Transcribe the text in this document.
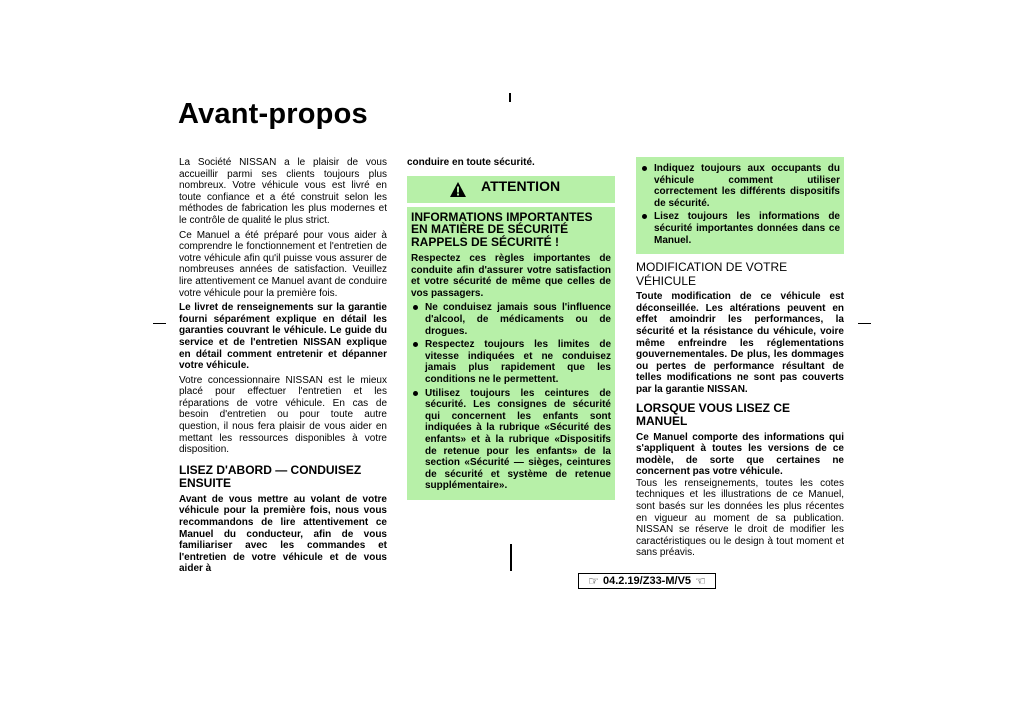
Avant-propos

La Société NISSAN a le plaisir de vous accueillir parmi ses clients toujours plus nombreux. Votre véhicule vous est livré en toute confiance et a été construit selon les méthodes de fabrication les plus modernes et le contrôle de qualité le plus strict.

Ce Manuel a été préparé pour vous aider à comprendre le fonctionnement et l'entretien de votre véhicule afin qu'il puisse vous assurer de nombreuses années de satisfaction. Veuillez lire attentivement ce Manuel avant de conduire votre véhicule pour la première fois.

Le livret de renseignements sur la garantie fourni séparément explique en détail les garanties couvrant le véhicule. Le guide du service et de l'entretien NISSAN explique en détail comment entretenir et dépanner votre véhicule.

Votre concessionnaire NISSAN est le mieux placé pour effectuer l'entretien et les réparations de votre véhicule. En cas de besoin d'entretien ou pour toute autre question, il nous fera plaisir de vous aider en mettant les ressources disponibles à votre disposition.

LISEZ D'ABORD — CONDUISEZ ENSUITE

Avant de vous mettre au volant de votre véhicule pour la première fois, nous vous recommandons de lire attentivement ce Manuel du conducteur, afin de vous familiariser avec les commandes et l'entretien de votre véhicule et de vous aider à

conduire en toute sécurité.

ATTENTION
INFORMATIONS IMPORTANTES EN MATIÈRE DE SÉCURITÉ RAPPELS DE SÉCURITÉ !

Respectez ces règles importantes de conduite afin d'assurer votre satisfaction et votre sécurité de même que celles de vos passagers.

Ne conduisez jamais sous l'influence d'alcool, de médicaments ou de drogues.
Respectez toujours les limites de vitesse indiquées et ne conduisez jamais plus rapidement que les conditions ne le permettent.
Utilisez toujours les ceintures de sécurité. Les consignes de sécurité qui concernent les enfants sont indiquées à la rubrique «Sécurité des enfants» et à la rubrique «Dispositifs de retenue pour les enfants» de la section «Sécurité — sièges, ceintures de sécurité et système de retenue supplémentaire».
Indiquez toujours aux occupants du véhicule comment utiliser correctement les différents dispositifs de sécurité.
Lisez toujours les informations de sécurité importantes données dans ce Manuel.
MODIFICATION DE VOTRE VÉHICULE

Toute modification de ce véhicule est déconseillée. Les altérations peuvent en effet amoindrir les performances, la sécurité et la résistance du véhicule, voire même enfreindre les réglementations gouvernementales. De plus, les dommages ou pertes de performance résultant de telles modifications ne sont pas couverts par la garantie NISSAN.

LORSQUE VOUS LISEZ CE MANUEL

Ce Manuel comporte des informations qui s'appliquent à toutes les versions de ce modèle, de sorte que certaines ne concernent pas votre véhicule.

Tous les renseignements, toutes les cotes techniques et les illustrations de ce Manuel, sont basés sur les données les plus récentes en vigueur au moment de sa publication. NISSAN se réserve le droit de modifier les caractéristiques ou le design à tout moment et sans préavis.

☞ 04.2.19/Z33-M/V5 ☜
